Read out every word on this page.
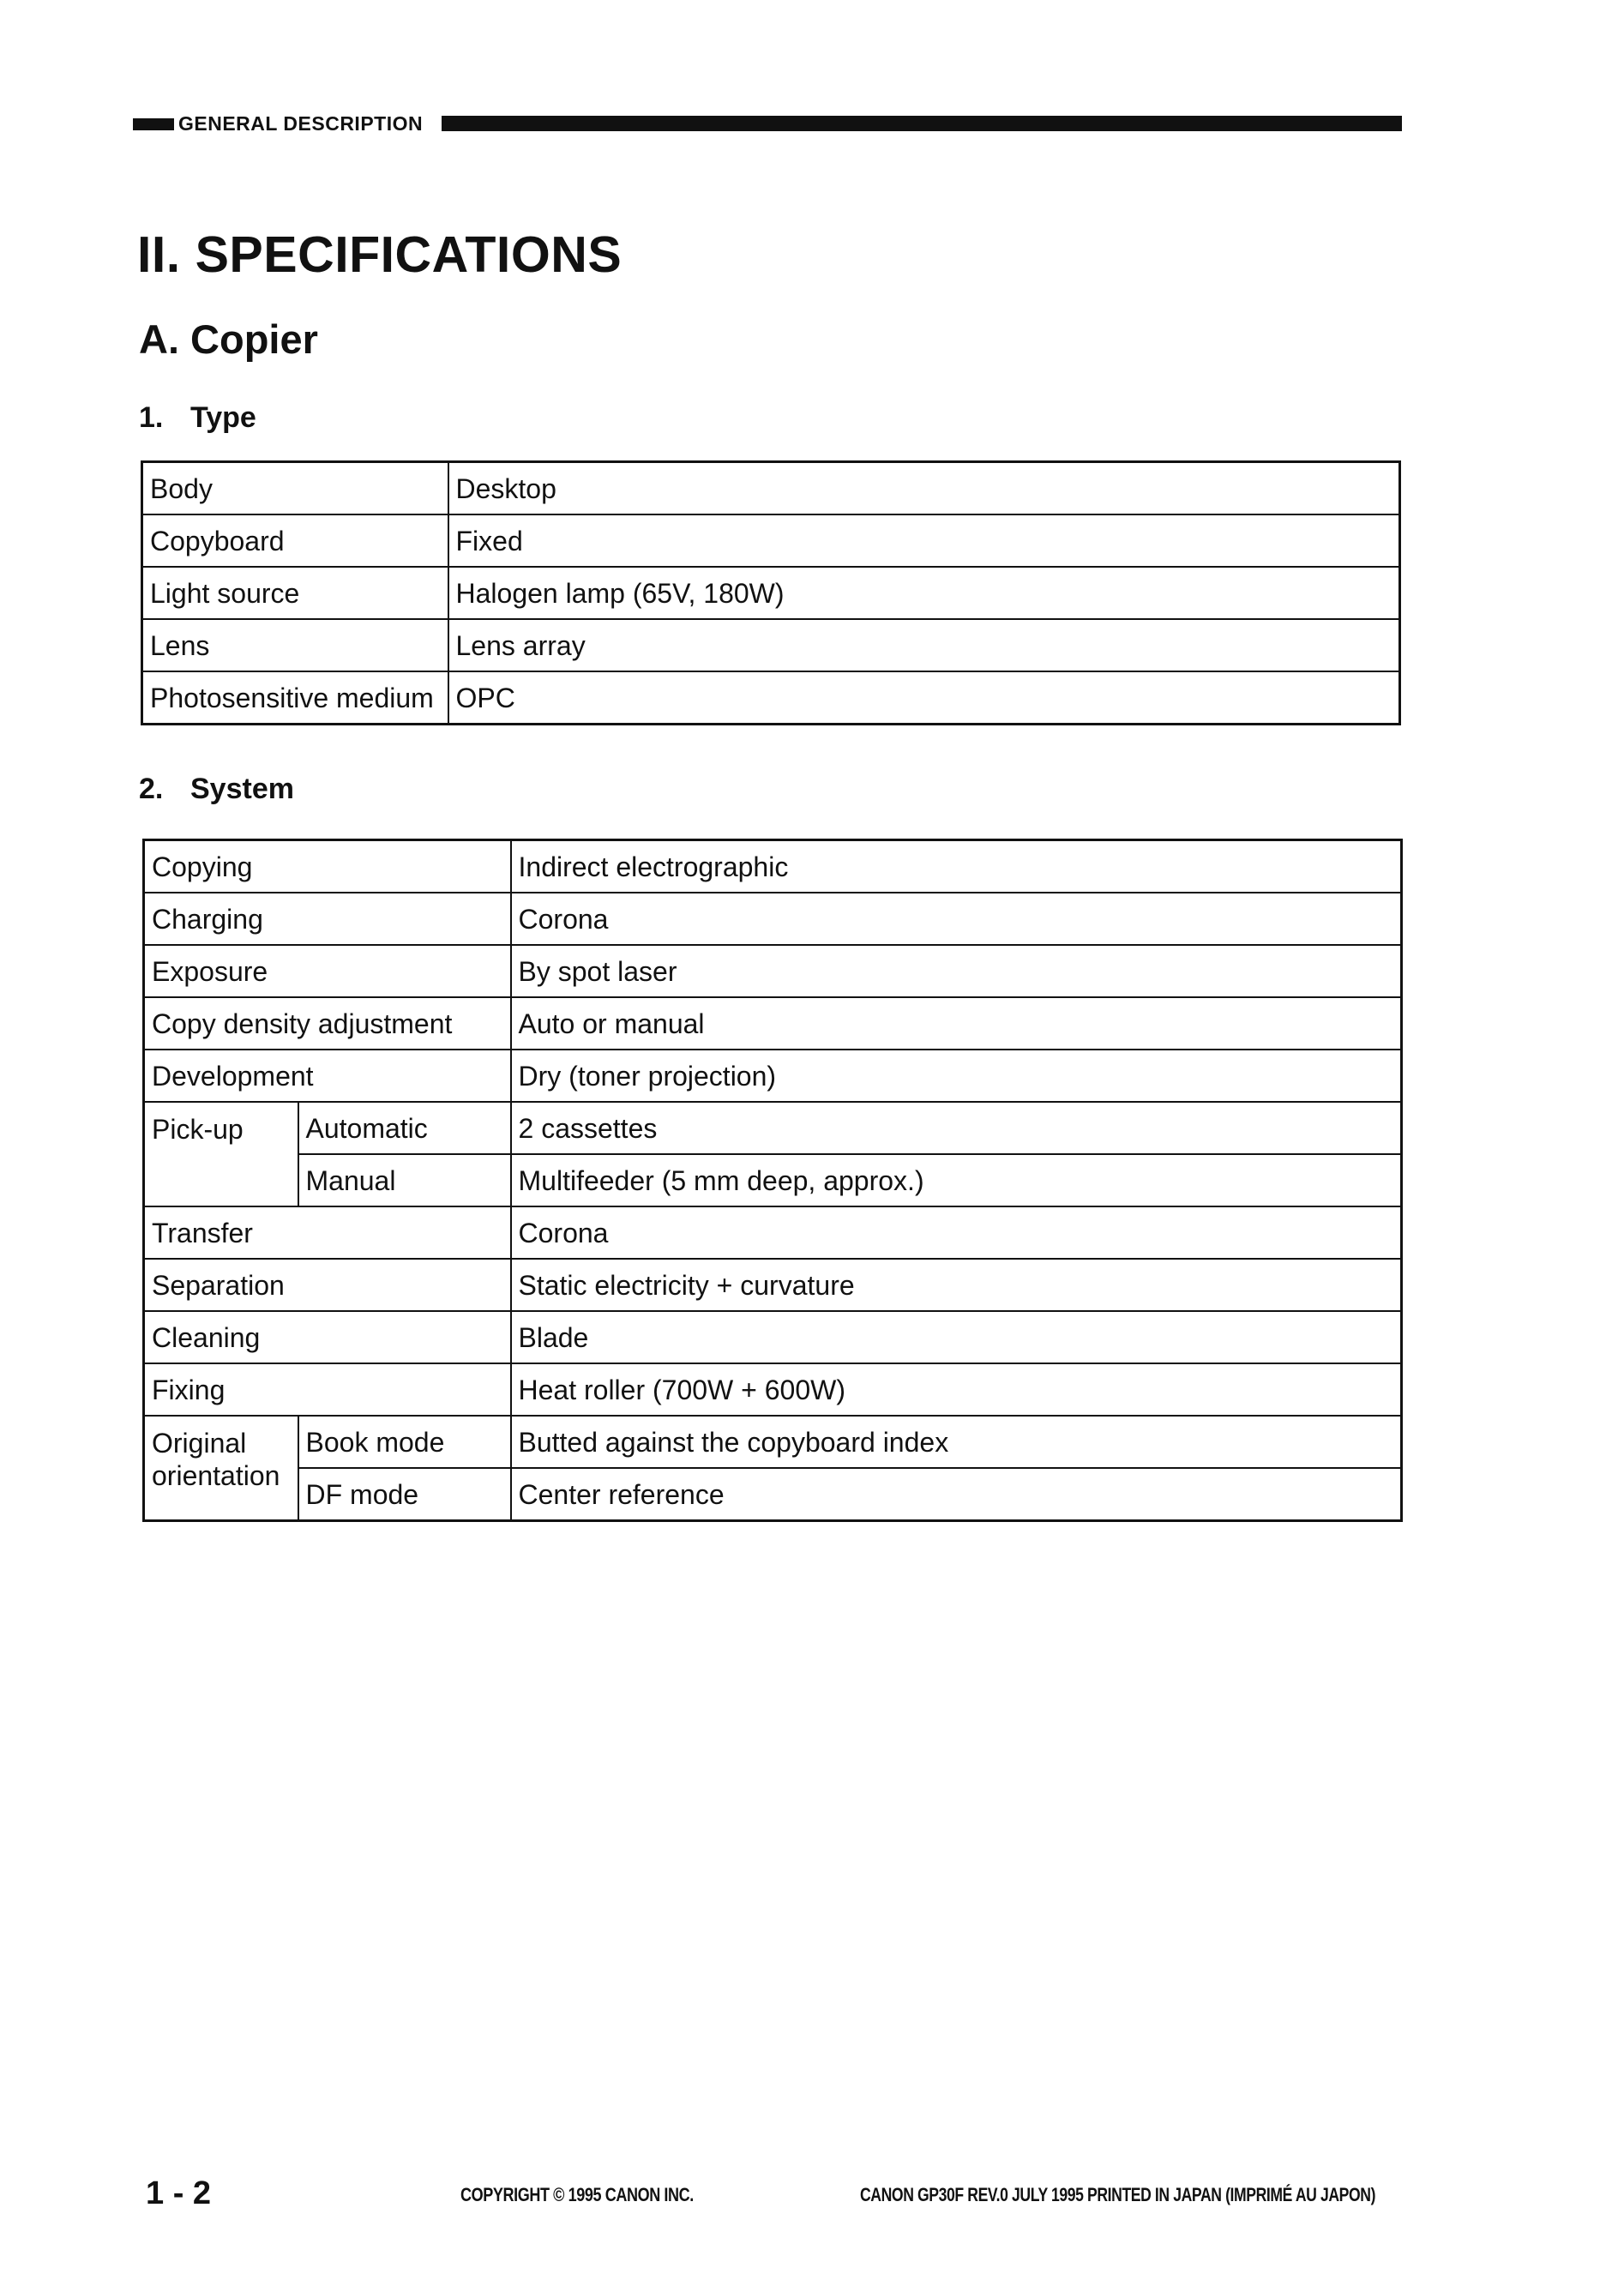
GENERAL DESCRIPTION
II. SPECIFICATIONS
A. Copier
1. Type
Body	Desktop
Copyboard	Fixed
Light source	Halogen lamp (65V, 180W)
Lens	Lens array
Photosensitive medium	OPC
2. System
Copying		Indirect electrographic
Charging		Corona
Exposure		By spot laser
Copy density adjustment		Auto or manual
Development		Dry (toner projection)
Pick-up	Automatic	2 cassettes
	Manual	Multifeeder (5 mm deep, approx.)
Transfer		Corona
Separation		Static electricity + curvature
Cleaning		Blade
Fixing		Heat roller (700W + 600W)
Original orientation	Book mode	Butted against the copyboard index
	DF mode	Center reference
1 - 2	COPYRIGHT © 1995 CANON INC.	CANON GP30F REV.0 JULY 1995 PRINTED IN JAPAN (IMPRIMÉ AU JAPON)
